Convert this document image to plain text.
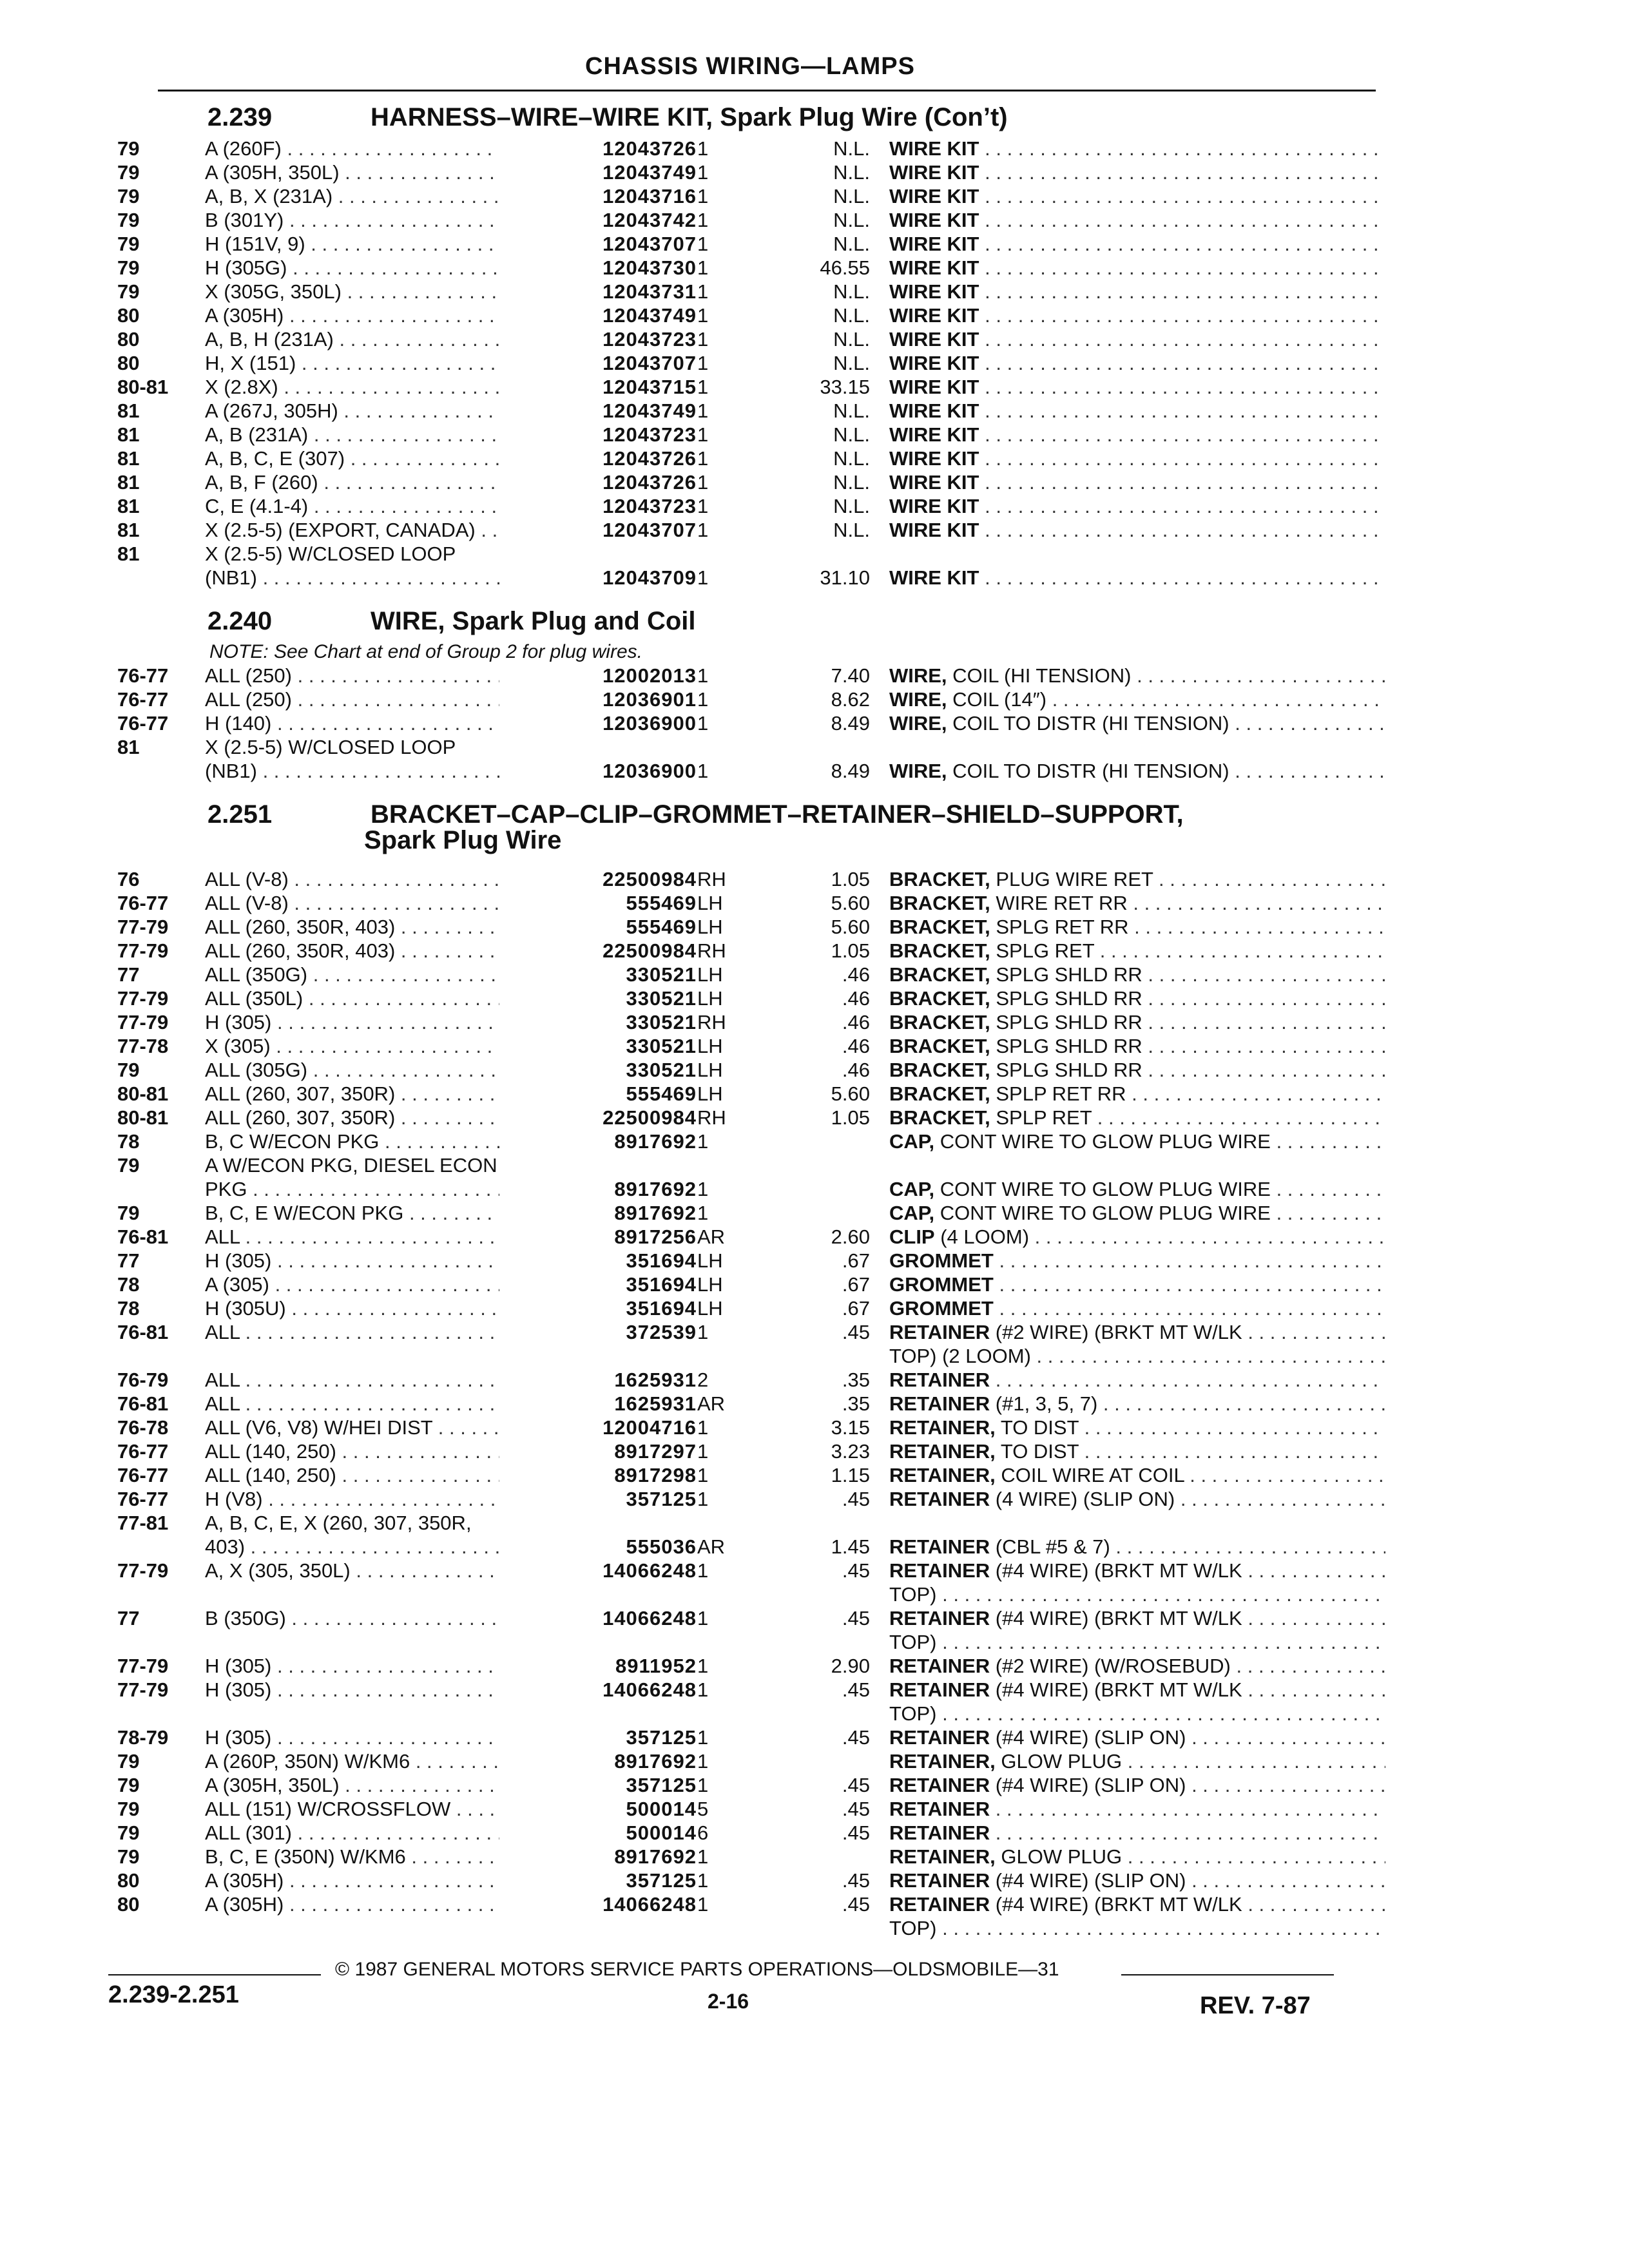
CHASSIS WIRING—LAMPS
2.239	HARNESS–WIRE–WIRE KIT, Spark Plug Wire (Con’t)
79	A (260F) . . .	12043726 1	N.L. WIRE KIT . . .
79	A (305H, 350L) . . .	12043749 1	N.L. WIRE KIT . . .
79	A, B, X (231A) . . .	12043716 1	N.L. WIRE KIT . . .
79	B (301Y) . . .	12043742 1	N.L. WIRE KIT . . .
79	H (151V, 9) . . .	12043707 1	N.L. WIRE KIT . . .
79	H (305G) . . .	12043730 1	46.55 WIRE KIT . . .
79	X (305G, 350L) . . .	12043731 1	N.L. WIRE KIT . . .
80	A (305H) . . .	12043749 1	N.L. WIRE KIT . . .
80	A, B, H (231A) . . .	12043723 1	N.L. WIRE KIT . . .
80	H, X (151) . . .	12043707 1	N.L. WIRE KIT . . .
80-81	X (2.8X) . . .	12043715 1	33.15 WIRE KIT . . .
81	A (267J, 305H) . . .	12043749 1	N.L. WIRE KIT . . .
81	A, B (231A) . . .	12043723 1	N.L. WIRE KIT . . .
81	A, B, C, E (307) . . .	12043726 1	N.L. WIRE KIT . . .
81	A, B, F (260) . . .	12043726 1	N.L. WIRE KIT . . .
81	C, E (4.1-4) . . .	12043723 1	N.L. WIRE KIT . . .
81	X (2.5-5) (EXPORT, CANADA) . . .	12043707 1	N.L. WIRE KIT . . .
81	X (2.5-5) W/CLOSED LOOP
(NB1) . . .	12043709 1	31.10 WIRE KIT . . .
2.240	WIRE, Spark Plug and Coil
NOTE: See Chart at end of Group 2 for plug wires.
76-77	ALL (250) . . .	12002013 1	7.40 WIRE, COIL (HI TENSION) . . .
76-77	ALL (250) . . .	12036901 1	8.62 WIRE, COIL (14″) . . .
76-77	H (140) . . .	12036900 1	8.49 WIRE, COIL TO DISTR (HI TENSION) . . .
81	X (2.5-5) W/CLOSED LOOP
(NB1) . . .	12036900 1	8.49 WIRE, COIL TO DISTR (HI TENSION) . . .
2.251	BRACKET–CAP–CLIP–GROMMET–RETAINER–SHIELD–SUPPORT,
Spark Plug Wire
76	ALL (V-8) . . .	22500984 RH	1.05 BRACKET, PLUG WIRE RET . . .
76-77	ALL (V-8) . . .	555469 LH	5.60 BRACKET, WIRE RET RR . . .
77-79	ALL (260, 350R, 403) . . .	555469 LH	5.60 BRACKET, SPLG RET RR . . .
77-79	ALL (260, 350R, 403) . . .	22500984 RH	1.05 BRACKET, SPLG RET . . .
77	ALL (350G) . . .	330521 LH	.46 BRACKET, SPLG SHLD RR . . .
77-79	ALL (350L) . . .	330521 LH	.46 BRACKET, SPLG SHLD RR . . .
77-79	H (305) . . .	330521 RH	.46 BRACKET, SPLG SHLD RR . . .
77-78	X (305) . . .	330521 LH	.46 BRACKET, SPLG SHLD RR . . .
79	ALL (305G) . . .	330521 LH	.46 BRACKET, SPLG SHLD RR . . .
80-81	ALL (260, 307, 350R) . . .	555469 LH	5.60 BRACKET, SPLP RET RR . . .
80-81	ALL (260, 307, 350R) . . .	22500984 RH	1.05 BRACKET, SPLP RET . . .
78	B, C W/ECON PKG . . .	8917692 1	CAP, CONT WIRE TO GLOW PLUG WIRE . . .
79	A W/ECON PKG, DIESEL ECON
PKG . . .	8917692 1	CAP, CONT WIRE TO GLOW PLUG WIRE . . .
79	B, C, E W/ECON PKG . . .	8917692 1	CAP, CONT WIRE TO GLOW PLUG WIRE . . .
76-81	ALL . . .	8917256 AR	2.60 CLIP (4 LOOM) . . .
77	H (305) . . .	351694 LH	.67 GROMMET . . .
78	A (305) . . .	351694 LH	.67 GROMMET . . .
78	H (305U) . . .	351694 LH	.67 GROMMET . . .
76-81	ALL . . .	372539 1	.45 RETAINER (#2 WIRE) (BRKT MT W/LK . . .
TOP) (2 LOOM) . . .
76-79	ALL . . .	1625931 2	.35 RETAINER . . .
76-81	ALL . . .	1625931 AR	.35 RETAINER (#1, 3, 5, 7) . . .
76-78	ALL (V6, V8) W/HEI DIST . . .	12004716 1	3.15 RETAINER, TO DIST . . .
76-77	ALL (140, 250) . . .	8917297 1	3.23 RETAINER, TO DIST . . .
76-77	ALL (140, 250) . . .	8917298 1	1.15 RETAINER, COIL WIRE AT COIL . . .
76-77	H (V8) . . .	357125 1	.45 RETAINER (4 WIRE) (SLIP ON) . . .
77-81	A, B, C, E, X (260, 307, 350R,
403) . . .	555036 AR	1.45 RETAINER (CBL #5 & 7) . . .
77-79	A, X (305, 350L) . . .	14066248 1	.45 RETAINER (#4 WIRE) (BRKT MT W/LK . . .
TOP) . . .
77	B (350G) . . .	14066248 1	.45 RETAINER (#4 WIRE) (BRKT MT W/LK . . .
TOP) . . .
77-79	H (305) . . .	8911952 1	2.90 RETAINER (#2 WIRE) (W/ROSEBUD) . . .
77-79	H (305) . . .	14066248 1	.45 RETAINER (#4 WIRE) (BRKT MT W/LK . . .
TOP) . . .
78-79	H (305) . . .	357125 1	.45 RETAINER (#4 WIRE) (SLIP ON) . . .
79	A (260P, 350N) W/KM6 . . .	8917692 1	RETAINER, GLOW PLUG . . .
79	A (305H, 350L) . . .	357125 1	.45 RETAINER (#4 WIRE) (SLIP ON) . . .
79	ALL (151) W/CROSSFLOW . . .	500014 5	.45 RETAINER . . .
79	ALL (301) . . .	500014 6	.45 RETAINER . . .
79	B, C, E (350N) W/KM6 . . .	8917692 1	RETAINER, GLOW PLUG . . .
80	A (305H) . . .	357125 1	.45 RETAINER (#4 WIRE) (SLIP ON) . . .
80	A (305H) . . .	14066248 1	.45 RETAINER (#4 WIRE) (BRKT MT W/LK . . .
TOP) . . .
© 1987 GENERAL MOTORS SERVICE PARTS OPERATIONS—OLDSMOBILE—31
2.239-2.251	2-16	REV. 7-87
